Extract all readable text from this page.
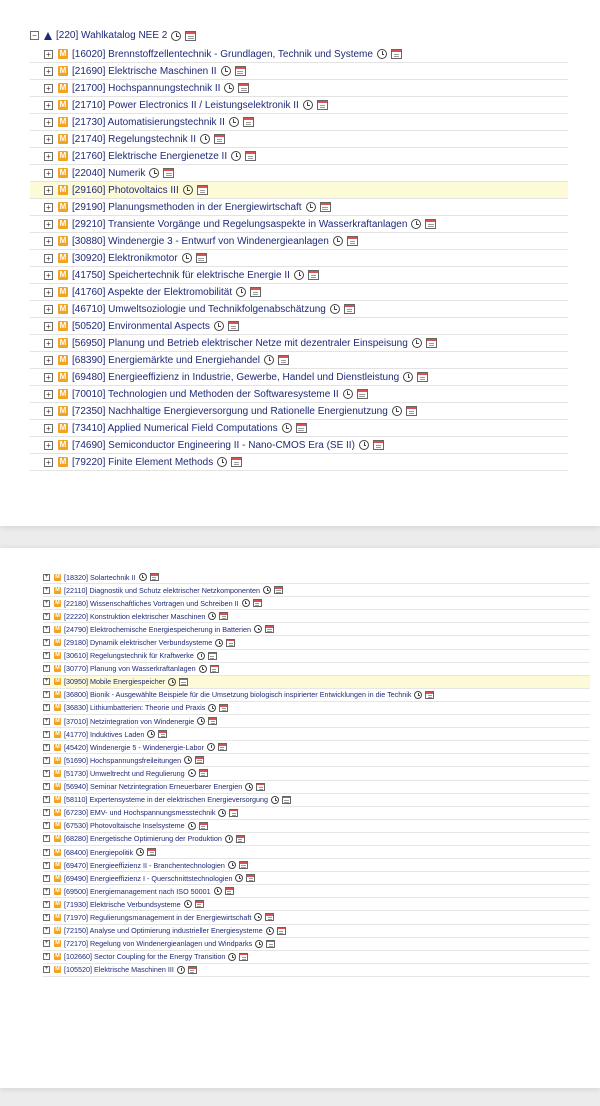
− [220] Wahlkatalog NEE 2
+ M [16020] Brennstoffzellentechnik - Grundlagen, Technik und Systeme
+ M [21690] Elektrische Maschinen II
+ M [21700] Hochspannungstechnik II
+ M [21710] Power Electronics II / Leistungselektronik II
+ M [21730] Automatisierungstechnik II
+ M [21740] Regelungstechnik II
+ M [21760] Elektrische Energienetze II
+ M [22040] Numerik
+ M [29160] Photovoltaics III
+ M [29190] Planungsmethoden in der Energiewirtschaft
+ M [29210] Transiente Vorgänge und Regelungsaspekte in Wasserkraftanlagen
+ M [30880] Windenergie 3 - Entwurf von Windenergieanlagen
+ M [30920] Elektronikmotor
+ M [41750] Speichertechnik für elektrische Energie II
+ M [41760] Aspekte der Elektromobilität
+ M [46710] Umweltsoziologie und Technikfolgenabschätzung
+ M [50520] Environmental Aspects
+ M [56950] Planung und Betrieb elektrischer Netze mit dezentraler Einspeisung
+ M [68390] Energiemärkte und Energiehandel
+ M [69480] Energieeffizienz in Industrie, Gewerbe, Handel und Dienstleistung
+ M [70010] Technologien und Methoden der Softwaresysteme II
+ M [72350] Nachhaltige Energieversorgung und Rationelle Energienutzung
+ M [73410] Applied Numerical Field Computations
+ M [74690] Semiconductor Engineering II - Nano-CMOS Era (SE II)
+ M [79220] Finite Element Methods
+	M [18320] Solartechnik II
+	M [22110] Diagnostik und Schutz elektrischer Netzkomponenten
+	M [22180] Wissenschaftliches Vortragen und Schreiben II
+	M [22220] Konstruktion elektrischer Maschinen
+	M [24790] Elektrochemische Energiespeicherung in Batterien
+	M [29180] Dynamik elektrischer Verbundsysteme
+	M [30610] Regelungstechnik für Kraftwerke
+	M [30770] Planung von Wasserkraftanlagen
+	M [30950] Mobile Energiespeicher
+	M [36800] Bionik - Ausgewählte Beispiele für die Umsetzung biologisch inspirierter Entwicklungen in die Technik
+	M [36830] Lithiumbatterien: Theorie und Praxis
+	M [37010] Netzintegration von Windenergie
+	M [41770] Induktives Laden
+	M [45420] Windenergie 5 - Windenergie-Labor
+	M [51690] Hochspannungsfreileitungen
+	M [51730] Umweltrecht und Regulierung
+	M [56940] Seminar Netzintegration Erneuerbarer Energien
+	M [58110] Expertensysteme in der elektrischen Energieversorgung
+	M [67230] EMV- und Hochspannungsmesstechnik
+	M [67530] Photovoltaische Inselsysteme
+	M [68280] Energetische Optimierung der Produktion
+	M [68400] Energiepolitik
+	M [69470] Energieeffizienz II - Branchentechnologien
+	M [69490] Energieeffizienz I - Querschnittstechnologien
+	M [69500] Energiemanagement nach ISO 50001
+	M [71930] Elektrische Verbundsysteme
+	M [71970] Regulierungsmanagement in der Energiewirtschaft
+	M [72150] Analyse und Optimierung industrieller Energiesysteme
+	M [72170] Regelung von Windenergieanlagen und Windparks
+	M [102660] Sector Coupling for the Energy Transition
+	M [105520] Elektrische Maschinen III
